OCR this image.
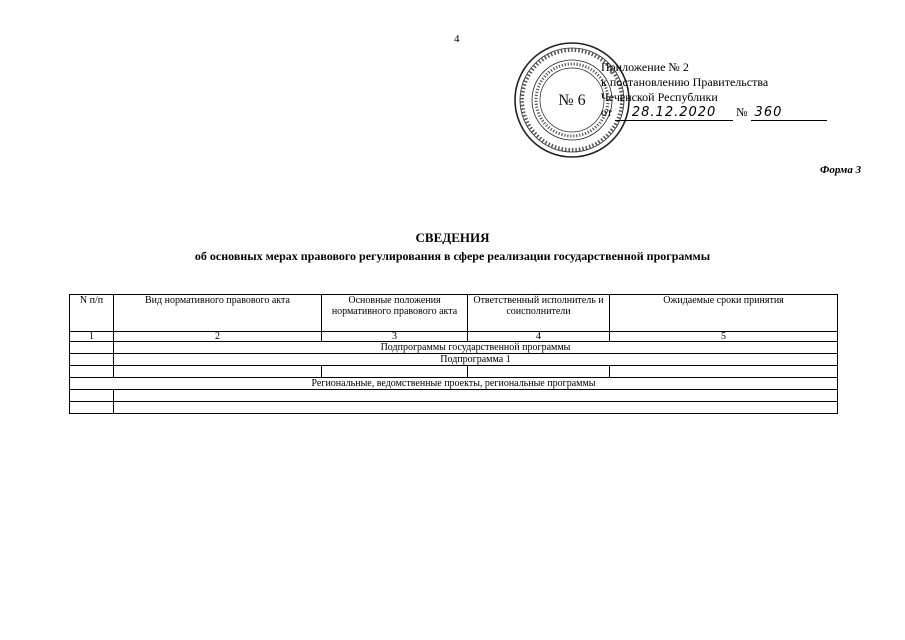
4
№ 6
Приложение № 2
к постановлению Правительства
Чеченской Республики
от 28.12.2020 № 360
Форма 3
СВЕДЕНИЯ
об основных мерах правового регулирования в сфере реализации государственной программы
N п/п	Вид нормативного правового акта	Основные положения нормативного правового акта	Ответственный исполнитель и соисполнители	Ожидаемые сроки принятия
1	2	3	4	5
	Подпрограммы государственной программы			
	Подпрограмма 1			

Региональные, ведомственные проекты, региональные программы				
